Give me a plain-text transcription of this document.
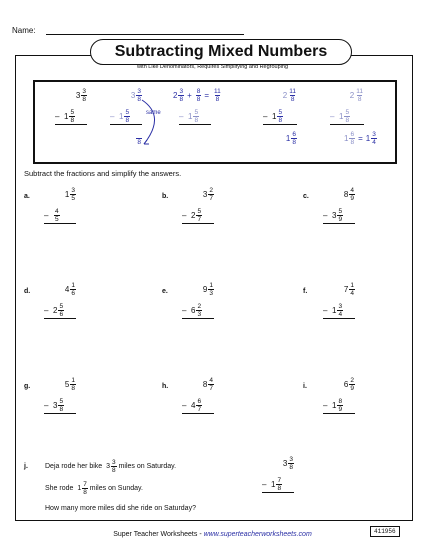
Name:
Subtracting Mixed Numbers
with Like Denominators, Requires Simplifying and Regrouping
$3 \frac{3}{8}$
– $1 \frac{5}{8}$
$3 \frac{3}{8}$
– $1 \frac{5}{8}$

8
same
$2 \frac{3}{8} + \frac{8}{8} = \frac{11}{8}$
– $1 \frac{5}{8}$
$2 \frac{11}{8}$
– $1 \frac{5}{8}$
$1 \frac{6}{8}$
$2 \frac{11}{8}$
– $1 \frac{5}{8}$
$1 \frac{6}{8} = 1 \frac{3}{4}$
Subtract the fractions and simplify the answers.
a.	$1 \frac{3}{5}$
– $\frac{4}{5}$
b.	$3 \frac{2}{7}$
– $2 \frac{5}{7}$
c.	$8 \frac{4}{9}$
– $3 \frac{5}{9}$
d.	$4 \frac{1}{6}$
– $2 \frac{5}{6}$
e.	$9 \frac{1}{3}$
– $6 \frac{2}{3}$
f.	$7 \frac{1}{4}$
– $1 \frac{3}{4}$
g.	$5 \frac{1}{8}$
– $3 \frac{5}{8}$
h.	$8 \frac{4}{7}$
– $4 \frac{6}{7}$
i.	$6 \frac{2}{9}$
– $1 \frac{8}{9}$
j. Deja rode her bike
$3 \frac{3}{8}$
miles on Saturday.
She rode
$1 \frac{7}{8}$
miles on Sunday.
How many more miles did she ride on Saturday?
$3 \frac{3}{8}$
– $1 \frac{7}{8}$
Super Teacher Worksheets - www.superteacherworksheets.com	411956
